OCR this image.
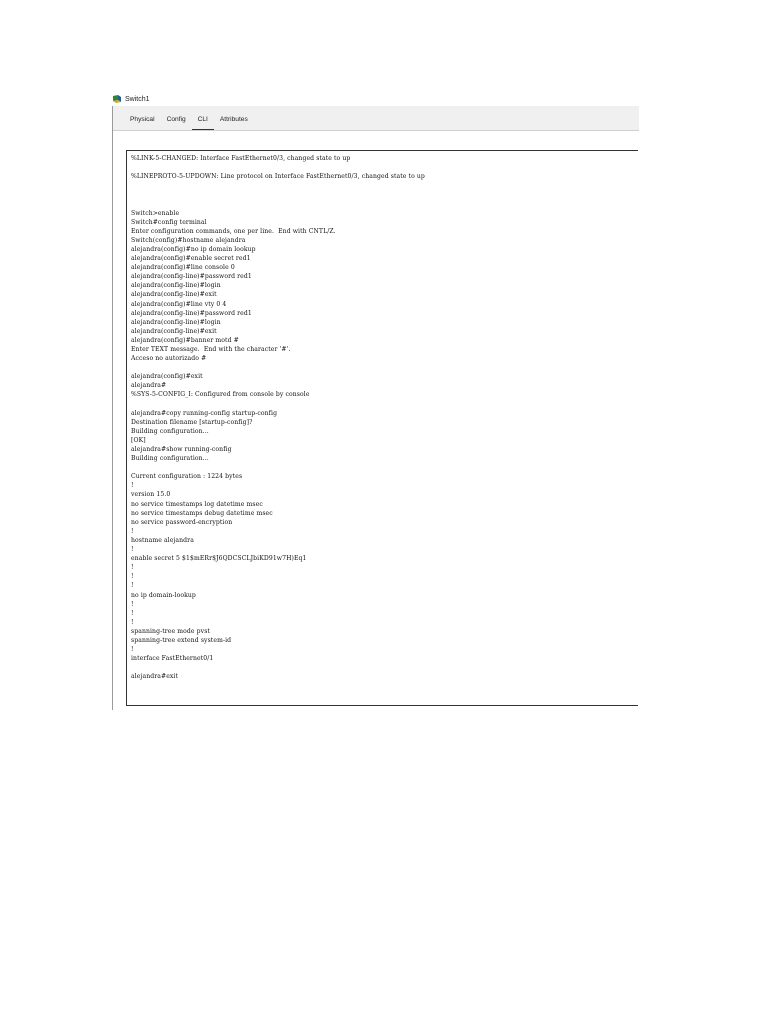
Switch1
Physical	Config	CLI	Attributes
%LINK-5-CHANGED: Interface FastEthernet0/3, changed state to up
%LINEPROTO-5-UPDOWN: Line protocol on Interface FastEthernet0/3, changed state to up
Switch>enable
Switch#config terminal
Enter configuration commands, one per line.  End with CNTL/Z.
Switch(config)#hostname alejandra
alejandra(config)#no ip domain lookup
alejandra(config)#enable secret red1
alejandra(config)#line console 0
alejandra(config-line)#password red1
alejandra(config-line)#login
alejandra(config-line)#exit
alejandra(config)#line vty 0 4
alejandra(config-line)#password red1
alejandra(config-line)#login
alejandra(config-line)#exit
alejandra(config)#banner motd #
Enter TEXT message.  End with the character '#'.
Acceso no autorizado #
alejandra(config)#exit
alejandra#
%SYS-5-CONFIG_I: Configured from console by console
alejandra#copy running-config startup-config
Destination filename [startup-config]?
Building configuration...
[OK]
alejandra#show running-config
Building configuration...
Current configuration : 1224 bytes
!
version 15.0
no service timestamps log datetime msec
no service timestamps debug datetime msec
no service password-encryption
!
hostname alejandra
!
enable secret 5 $1$mERr$J6QDCSCLJbiKD91w7H)Eq1
!
!
!
no ip domain-lookup
!
!
!
spanning-tree mode pvst
spanning-tree extend system-id
!
interface FastEthernet0/1
alejandra#exit
